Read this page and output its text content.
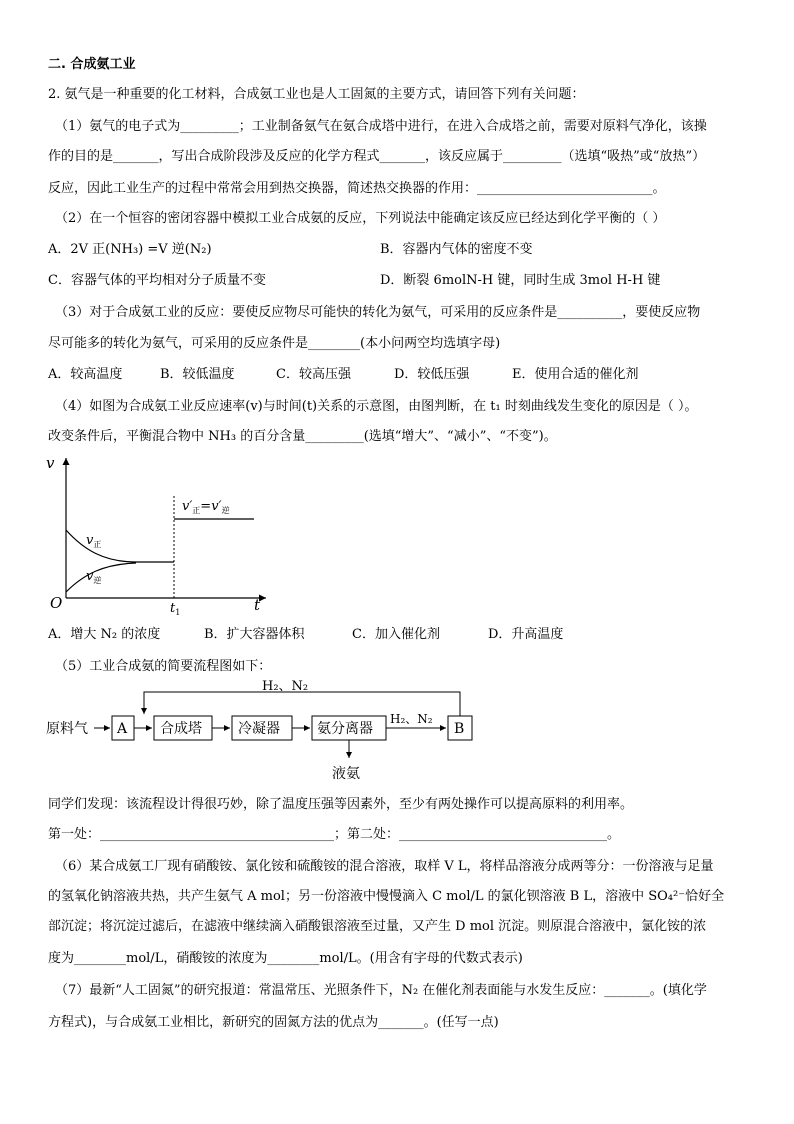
二. 合成氨工业
2. 氨气是一种重要的化工材料，合成氨工业也是人工固氮的主要方式，请回答下列有关问题：
（1）氨气的电子式为_________；工业制备氨气在氨合成塔中进行，在进入合成塔之前，需要对原料气净化，该操
作的目的是_______，写出合成阶段涉及反应的化学方程式_______，该反应属于_________（选填“吸热”或“放热”）
反应，因此工业生产的过程中常常会用到热交换器，简述热交换器的作用：___________________________。
（2）在一个恒容的密闭容器中模拟工业合成氨的反应，下列说法中能确定该反应已经达到化学平衡的（ ）
A．2V 正(NH₃) =V 逆(N₂)	B．容器内气体的密度不变
C．容器气体的平均相对分子质量不变	D．断裂 6molN-H 键，同时生成 3mol H-H 键
（3）对于合成氨工业的反应：要使反应物尽可能快的转化为氨气，可采用的反应条件是__________，要使反应物
尽可能多的转化为氨气，可采用的反应条件是________(本小问两空均选填字母)
A．较高温度	B．较低温度	C．较高压强	D．较低压强	E．使用合适的催化剂
（4）如图为合成氨工业反应速率(v)与时间(t)关系的示意图，由图判断，在 t₁ 时刻曲线发生变化的原因是（ ）。
改变条件后，平衡混合物中 NH₃ 的百分含量_________(选填“增大”、“减小”、“不变”)。
v
t
O
$v_正$
$v_逆$
$v'_正=v'_逆$
$t_1$
A．增大 N₂ 的浓度	B．扩大容器体积	C．加入催化剂	D．升高温度
（5）工业合成氨的简要流程图如下：
原料气 A 合成塔	冷凝器	氨分离器
H₂、N₂
B
H₂、N₂
液氨
同学们发现：该流程设计得很巧妙，除了温度压强等因素外，至少有两处操作可以提高原料的利用率。
第一处：____________________________________；第二处：________________________________。
（6）某合成氨工厂现有硝酸铵、氯化铵和硫酸铵的混合溶液，取样 V L，将样品溶液分成两等分：一份溶液与足量
的氢氧化钠溶液共热，共产生氨气 A mol；另一份溶液中慢慢滴入 C mol/L 的氯化钡溶液 B L，溶液中 SO₄²⁻恰好全
部沉淀；将沉淀过滤后，在滤液中继续滴入硝酸银溶液至过量，又产生 D mol 沉淀。则原混合溶液中，氯化铵的浓
度为________mol/L，硝酸铵的浓度为________mol/L。(用含有字母的代数式表示)
（7）最新“人工固氮”的研究报道：常温常压、光照条件下，N₂ 在催化剂表面能与水发生反应：_______。(填化学
方程式)，与合成氨工业相比，新研究的固氮方法的优点为_______。(任写一点)
